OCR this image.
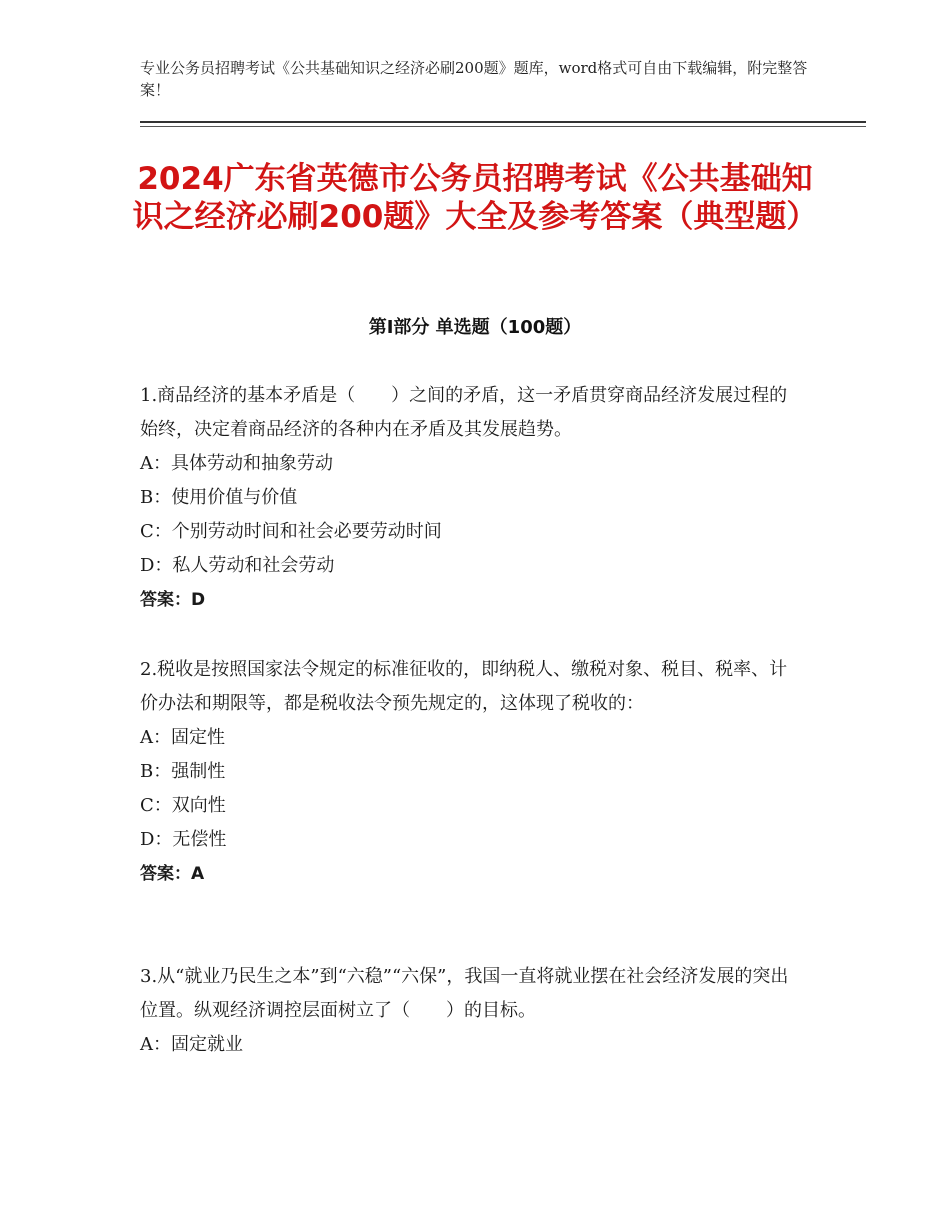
专业公务员招聘考试《公共基础知识之经济必刷200题》题库，word格式可自由下载编辑，附完整答案！
2024广东省英德市公务员招聘考试《公共基础知识之经济必刷200题》大全及参考答案（典型题）
第Ⅰ部分 单选题（100题）

1.商品经济的基本矛盾是（　　）之间的矛盾，这一矛盾贯穿商品经济发展过程的始终，决定着商品经济的各种内在矛盾及其发展趋势。

A：具体劳动和抽象劳动

B：使用价值与价值

C：个别劳动时间和社会必要劳动时间

D：私人劳动和社会劳动

答案：D

2.税收是按照国家法令规定的标准征收的，即纳税人、缴税对象、税目、税率、计价办法和期限等，都是税收法令预先规定的，这体现了税收的：

A：固定性

B：强制性

C：双向性

D：无偿性

答案：A

3.从“就业乃民生之本”到“六稳”“六保”，我国一直将就业摆在社会经济发展的突出位置。纵观经济调控层面树立了（　　）的目标。

A：固定就业
